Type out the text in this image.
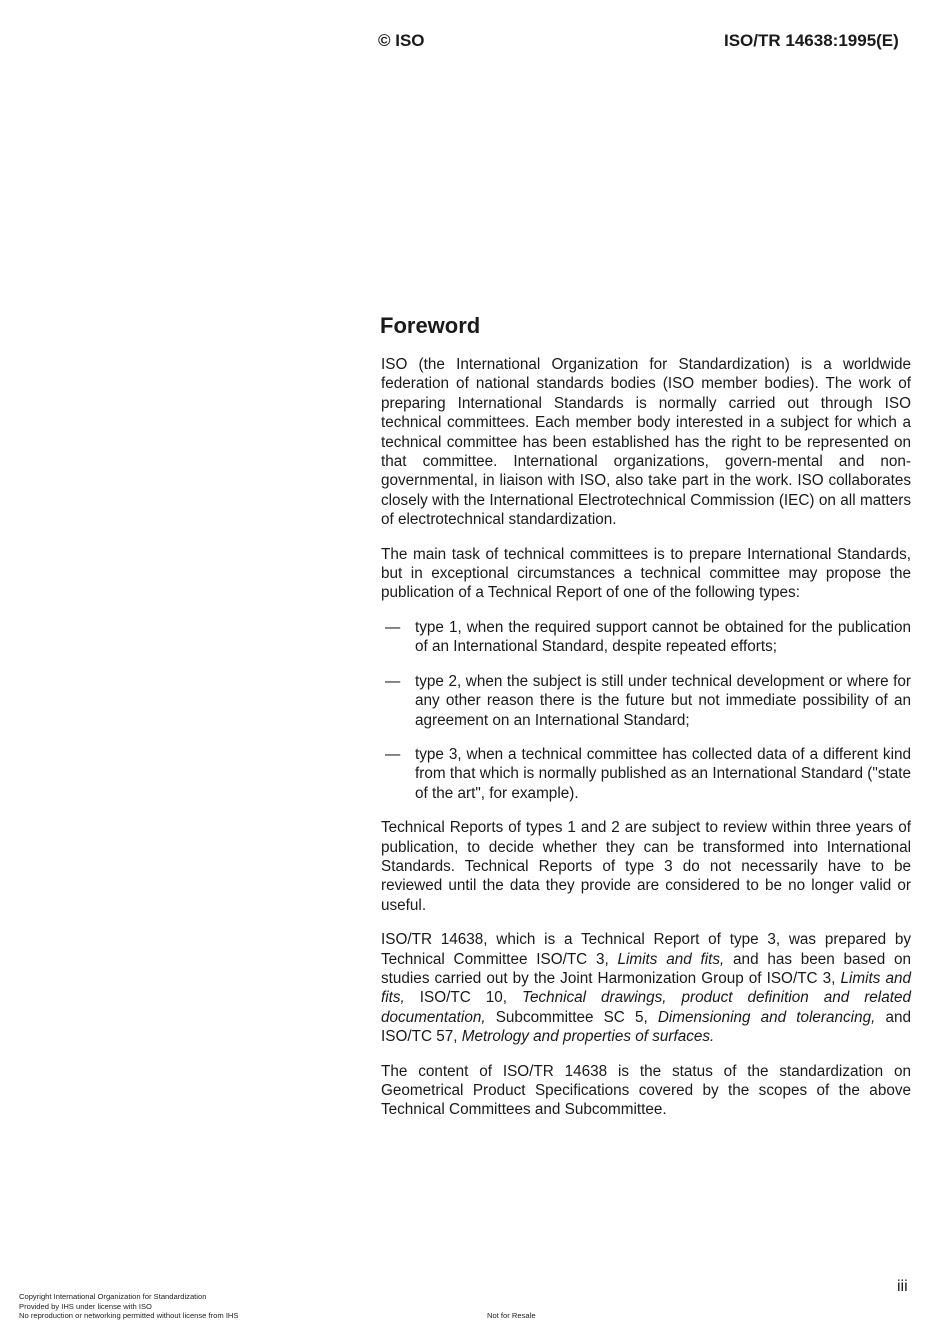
© ISO	ISO/TR 14638:1995(E)
Foreword

ISO (the International Organization for Standardization) is a worldwide federation of national standards bodies (ISO member bodies). The work of preparing International Standards is normally carried out through ISO technical committees. Each member body interested in a subject for which a technical committee has been established has the right to be represented on that committee. International organizations, govern-mental and non-governmental, in liaison with ISO, also take part in the work. ISO collaborates closely with the International Electrotechnical Commission (IEC) on all matters of electrotechnical standardization.

The main task of technical committees is to prepare International Standards, but in exceptional circumstances a technical committee may propose the publication of a Technical Report of one of the following types:

— type 1, when the required support cannot be obtained for the publication of an International Standard, despite repeated efforts;
— type 2, when the subject is still under technical development or where for any other reason there is the future but not immediate possibility of an agreement on an International Standard;
— type 3, when a technical committee has collected data of a different kind from that which is normally published as an International Standard ("state of the art", for example).

Technical Reports of types 1 and 2 are subject to review within three years of publication, to decide whether they can be transformed into International Standards. Technical Reports of type 3 do not necessarily have to be reviewed until the data they provide are considered to be no longer valid or useful.

ISO/TR 14638, which is a Technical Report of type 3, was prepared by Technical Committee ISO/TC 3, Limits and fits, and has been based on studies carried out by the Joint Harmonization Group of ISO/TC 3, Limits and fits, ISO/TC 10, Technical drawings, product definition and related documentation, Subcommittee SC 5, Dimensioning and tolerancing, and ISO/TC 57, Metrology and properties of surfaces.

The content of ISO/TR 14638 is the status of the standardization on Geometrical Product Specifications covered by the scopes of the above Technical Committees and Subcommittee.

iii
Copyright International Organization for Standardization
Provided by IHS under license with ISO
No reproduction or networking permitted without license from IHS	Not for Resale
